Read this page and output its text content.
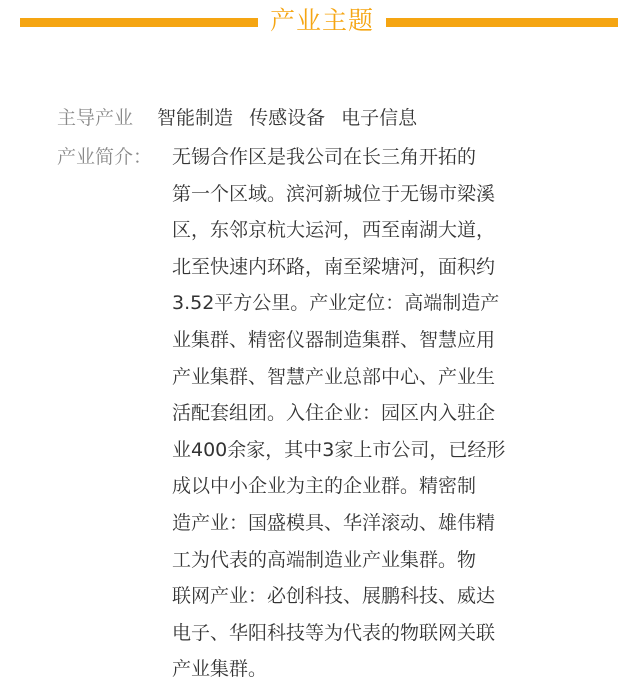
产业主题
主导产业 智能制造 传感设备 电子信息
产业简介： 无锡合作区是我公司在长三角开拓的
第一个区域。滨河新城位于无锡市梁溪
区，东邻京杭大运河，西至南湖大道，
北至快速内环路，南至梁塘河，面积约
3.52平方公里。产业定位：高端制造产
业集群、精密仪器制造集群、智慧应用
产业集群、智慧产业总部中心、产业生
活配套组团。入住企业：园区内入驻企
业400余家，其中3家上市公司，已经形
成以中小企业为主的企业群。精密制
造产业：国盛模具、华洋滚动、雄伟精
工为代表的高端制造业产业集群。物
联网产业：必创科技、展鹏科技、威达
电子、华阳科技等为代表的物联网关联
产业集群。
